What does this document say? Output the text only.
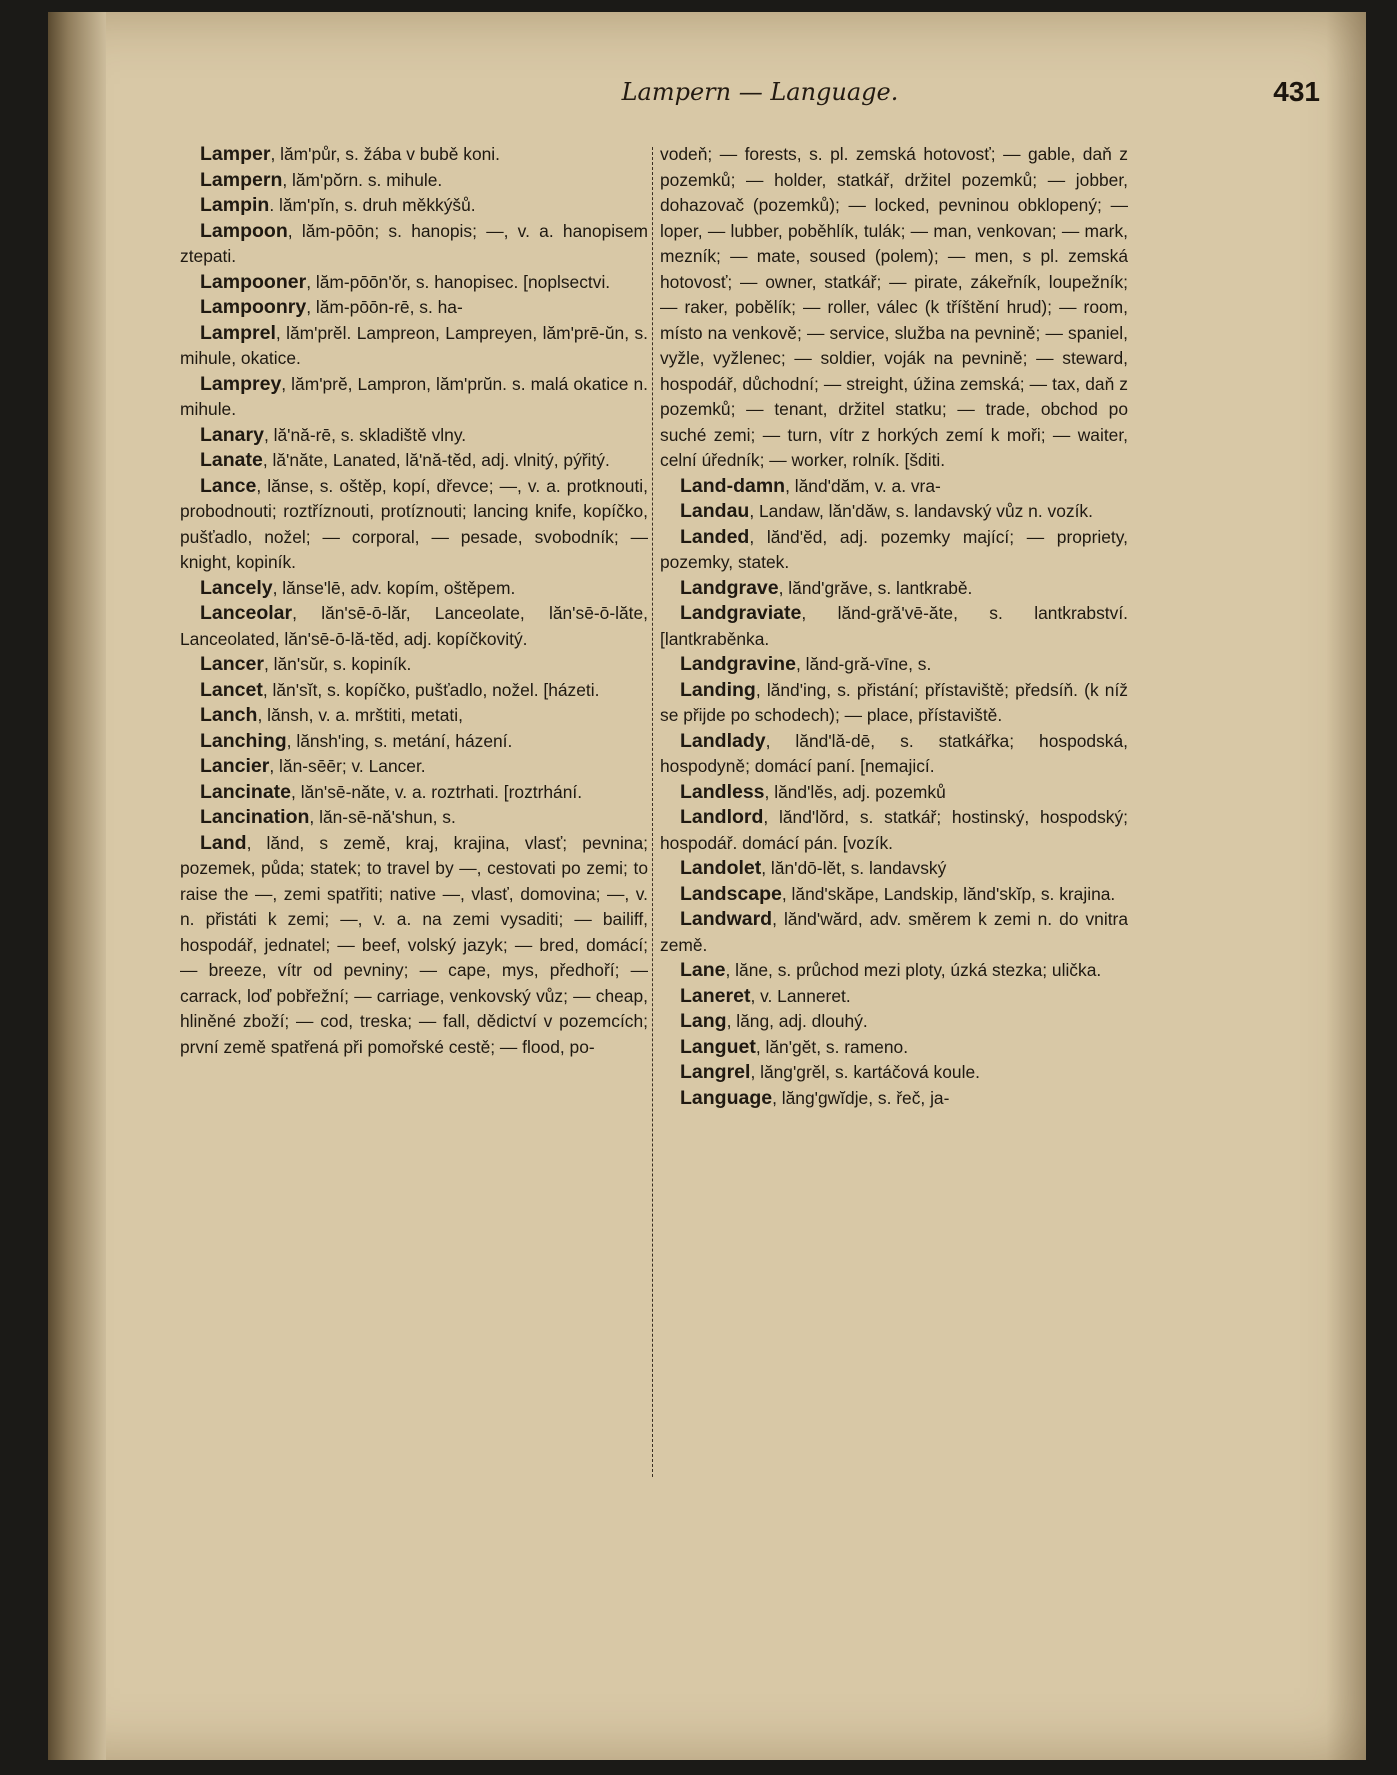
Lampern — Language.	431

Lamper, lăm'půr, s. žába v bubě koni.

Lampern, lăm'pŏrn. s. mihule.

Lampin. lăm'pĭn, s. druh měkkýšů.

Lampoon, lăm-pōōn; s. hanopis; —, v. a. hanopisem ztepati.

Lampooner, lăm-pōōn'ŏr, s. hanopisec. [noplsectvi.

Lampoonry, lăm-pōōn-rē, s. ha-

Lamprel, lăm'prĕl. Lampreon, Lampreyen, lăm'prē-ŭn, s. mihule, okatice.

Lamprey, lăm'prĕ, Lampron, lăm'prŭn. s. malá okatice n. mihule.

Lanary, lă'nă-rē, s. skladiště vlny.

Lanate, lă'năte, Lanated, lă'nă-tĕd, adj. vlnitý, pýřitý.

Lance, lănse, s. oštěp, kopí, dřevce; —, v. a. protknouti, probodnouti; roztříznouti, protíznouti; lancing knife, kopíčko, pušťadlo, nožel; — corporal, — pesade, svobodník; — knight, kopiník.

Lancely, lănse'lē, adv. kopím, oštěpem.

Lanceolar, lăn'sē-ō-lăr, Lanceolate, lăn'sē-ō-lăte, Lanceolated, lăn'sē-ō-lă-tĕd, adj. kopíčkovitý.

Lancer, lăn'sŭr, s. kopiník.

Lancet, lăn'sĭt, s. kopíčko, pušťadlo, nožel. [házeti.

Lanch, lănsh, v. a. mrštiti, metati,

Lanching, lănsh'ing, s. metání, házení.

Lancier, lăn-sēēr; v. Lancer.

Lancinate, lăn'sē-năte, v. a. roztrhati. [roztrhání.

Lancination, lăn-sē-nă'shun, s.

Land, lănd, s země, kraj, krajina, vlasť; pevnina; pozemek, půda; statek; to travel by —, cestovati po zemi; to raise the —, zemi spatřiti; native —, vlasť, domovina; —, v. n. přistáti k zemi; —, v. a. na zemi vysaditi; — bailiff, hospodář, jednatel; — beef, volský jazyk; — bred, domácí; — breeze, vítr od pevniny; — cape, mys, předhoří; — carrack, loď pobřežní; — carriage, venkovský vůz; — cheap, hliněné zboží; — cod, treska; — fall, dědictví v pozemcích; první země spatřená při pomořské cestě; — flood, po-

vodeň; — forests, s. pl. zemská hotovosť; — gable, daň z pozemků; — holder, statkář, držitel pozemků; — jobber, dohazovač (pozemků); — locked, pevninou obklopený; — loper, — lubber, poběhlík, tulák; — man, venkovan; — mark, mezník; — mate, soused (polem); — men, s pl. zemská hotovosť; — owner, statkář; — pirate, zákeřník, loupežník; — raker, pobělík; — roller, válec (k tříštění hrud); — room, místo na venkově; — service, služba na pevnině; — spaniel, vyžle, vyžlenec; — soldier, voják na pevnině; — steward, hospodář, důchodní; — streight, úžina zemská; — tax, daň z pozemků; — tenant, držitel statku; — trade, obchod po suché zemi; — turn, vítr z horkých zemí k moři; — waiter, celní úředník; — worker, rolník. [šditi.

Land-damn, lănd'dăm, v. a. vra-

Landau, Landaw, lăn'dăw, s. landavský vůz n. vozík.

Landed, lănd'ĕd, adj. pozemky mající; — propriety, pozemky, statek.

Landgrave, lănd'grăve, s. lantkrabě.

Landgraviate, lănd-gră'vē-ăte, s. lantkrabství. [lantkraběnka.

Landgravine, lănd-gră-vīne, s.

Landing, lănd'ing, s. přistání; přístaviště; předsíň. (k níž se přijde po schodech); — place, přístaviště.

Landlady, lănd'lă-dē, s. statkářka; hospodská, hospodyně; domácí paní. [nemajicí.

Landless, lănd'lĕs, adj. pozemků

Landlord, lănd'lŏrd, s. statkář; hostinský, hospodský; hospodář. domácí pán. [vozík.

Landolet, lăn'dō-lĕt, s. landavský

Landscape, lănd'skăpe, Landskip, lănd'skĭp, s. krajina.

Landward, lănd'wărd, adv. směrem k zemi n. do vnitra země.

Lane, lăne, s. průchod mezi ploty, úzká stezka; ulička.

Laneret, v. Lanneret.

Lang, lăng, adj. dlouhý.

Languet, lăn'gĕt, s. rameno.

Langrel, lăng'grĕl, s. kartáčová koule.

Language, lăng'gwĭdje, s. řeč, ja-
